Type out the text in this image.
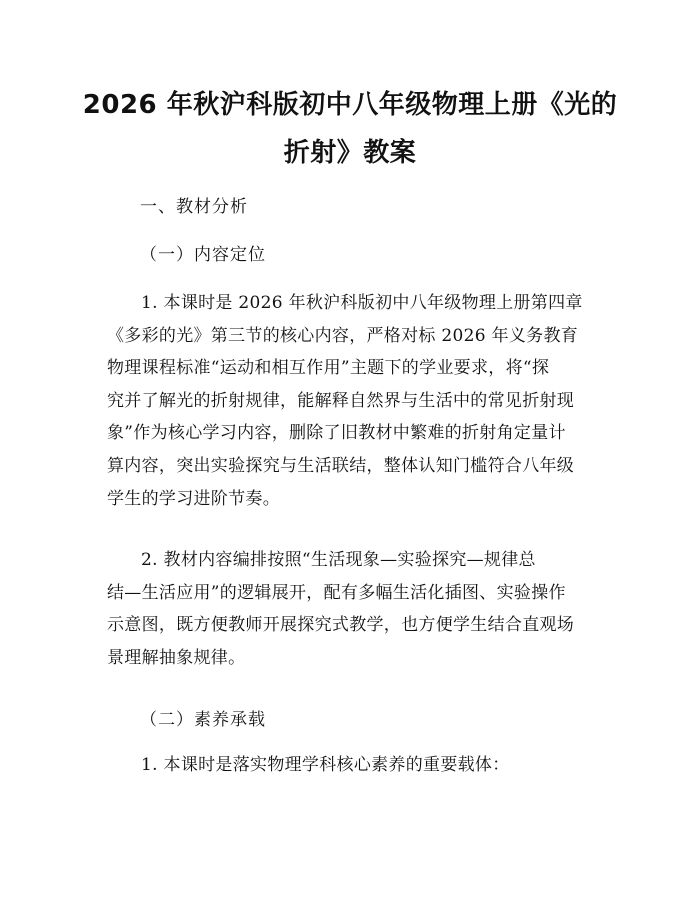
2026 年秋沪科版初中八年级物理上册《光的
折射》教案
一、教材分析
（一）内容定位
1. 本课时是 2026 年秋沪科版初中八年级物理上册第四章
《多彩的光》第三节的核心内容，严格对标 2026 年义务教育
物理课程标准“运动和相互作用”主题下的学业要求，将“探
究并了解光的折射规律，能解释自然界与生活中的常见折射现
象”作为核心学习内容，删除了旧教材中繁难的折射角定量计
算内容，突出实验探究与生活联结，整体认知门槛符合八年级
学生的学习进阶节奏。
2. 教材内容编排按照“生活现象—实验探究—规律总
结—生活应用”的逻辑展开，配有多幅生活化插图、实验操作
示意图，既方便教师开展探究式教学，也方便学生结合直观场
景理解抽象规律。
（二）素养承载
1. 本课时是落实物理学科核心素养的重要载体：
